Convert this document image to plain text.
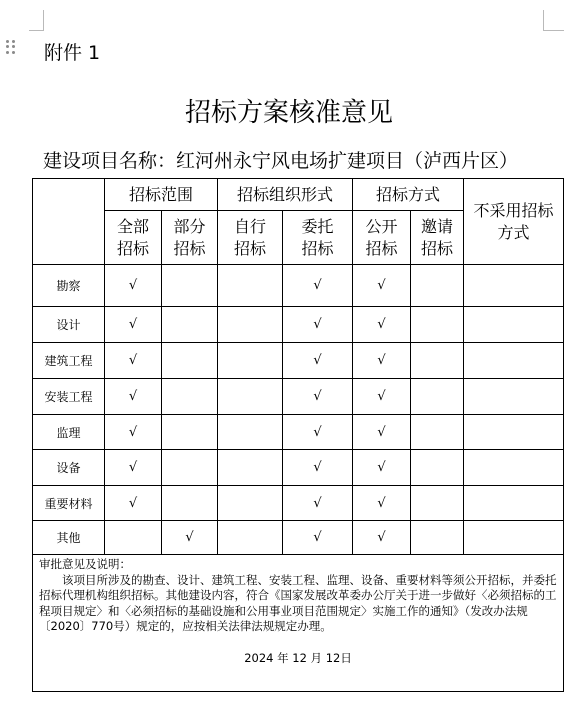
附件 1
招标方案核准意见
建设项目名称：红河州永宁风电场扩建项目（泸西片区）
	招标范围		招标组织形式		招标方式		不采用招标方式
	全部招标	部分招标	自行招标	委托招标	公开招标	邀请招标	
勘察	√			√	√		
设计	√			√	√		
建筑工程	√			√	√		
安装工程	√			√	√		
监理	√			√	√		
设备	√			√	√		
重要材料	√			√	√		
其他		√		√	√		

审批意见及说明：

该项目所涉及的勘查、设计、建筑工程、安装工程、监理、设备、重要材料等须公开招标，并委托招标代理机构组织招标。其他建设内容，符合《国家发展改革委办公厅关于进一步做好〈必须招标的工程项目规定〉和〈必须招标的基础设施和公用事业项目范围规定〉实施工作的通知》（发改办法规〔2020〕770号）规定的，应按相关法律法规规定办理。

2024 年 12 月 12日							
